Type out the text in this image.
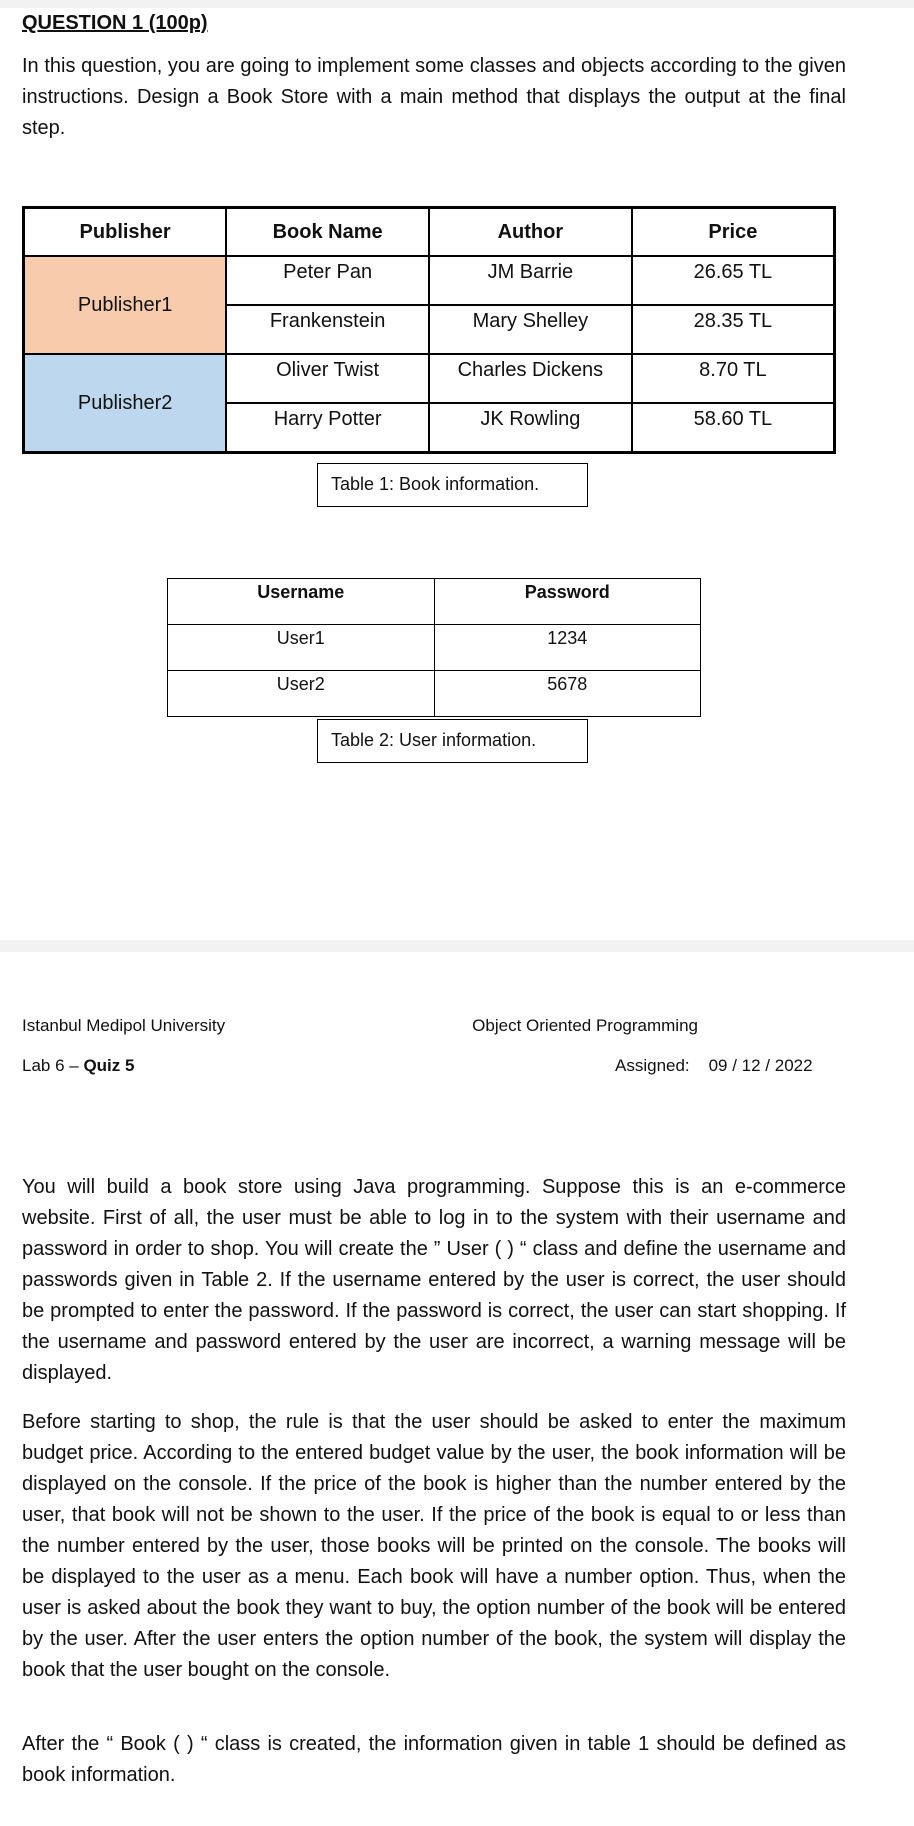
QUESTION 1 (100p)
In this question, you are going to implement some classes and objects according to the given instructions. Design a Book Store with a main method that displays the output at the final step.
Publisher	Book Name	Author	Price
Publisher1	Peter Pan	JM Barrie	26.65 TL
	Frankenstein	Mary Shelley	28.35 TL
Publisher2	Oliver Twist	Charles Dickens	8.70 TL
	Harry Potter	JK Rowling	58.60 TL
Table 1: Book information.
Username	Password
User1	1234
User2	5678
Table 2: User information.
Istanbul Medipol University	Object Oriented Programming
Lab 6 – Quiz 5	Assigned: 09 / 12 / 2022
You will build a book store using Java programming. Suppose this is an e-commerce website. First of all, the user must be able to log in to the system with their username and password in order to shop. You will create the ” User ( ) “ class and define the username and passwords given in Table 2. If the username entered by the user is correct, the user should be prompted to enter the password. If the password is correct, the user can start shopping. If the username and password entered by the user are incorrect, a warning message will be displayed.
Before starting to shop, the rule is that the user should be asked to enter the maximum budget price. According to the entered budget value by the user, the book information will be displayed on the console. If the price of the book is higher than the number entered by the user, that book will not be shown to the user. If the price of the book is equal to or less than the number entered by the user, those books will be printed on the console. The books will be displayed to the user as a menu. Each book will have a number option. Thus, when the user is asked about the book they want to buy, the option number of the book will be entered by the user. After the user enters the option number of the book, the system will display the book that the user bought on the console.
After the “ Book ( ) “ class is created, the information given in table 1 should be defined as book information.
